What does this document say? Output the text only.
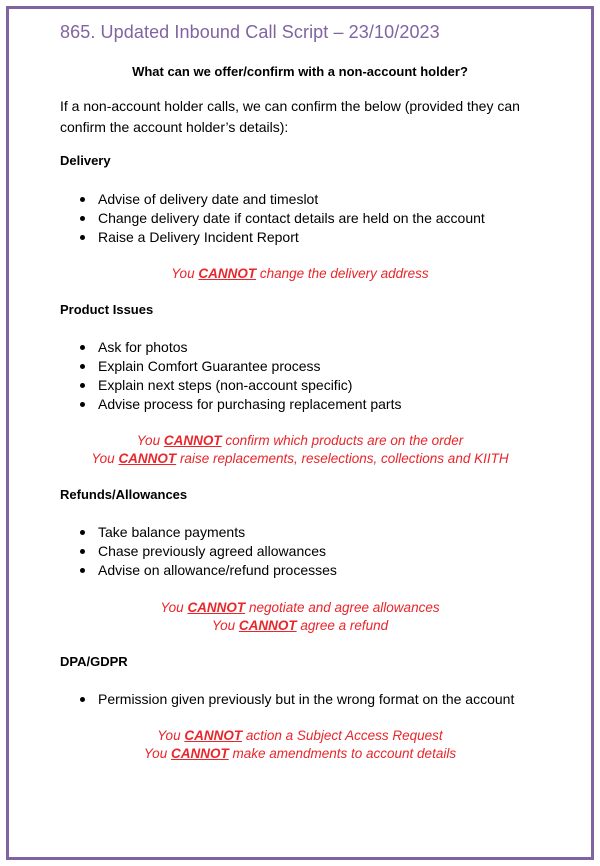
865. Updated Inbound Call Script – 23/10/2023
What can we offer/confirm with a non-account holder?
If a non-account holder calls, we can confirm the below (provided they can confirm the account holder’s details):
Delivery
Advise of delivery date and timeslot
Change delivery date if contact details are held on the account
Raise a Delivery Incident Report
You CANNOT change the delivery address
Product Issues
Ask for photos
Explain Comfort Guarantee process
Explain next steps (non-account specific)
Advise process for purchasing replacement parts
You CANNOT confirm which products are on the order
You CANNOT raise replacements, reselections, collections and KIITH
Refunds/Allowances
Take balance payments
Chase previously agreed allowances
Advise on allowance/refund processes
You CANNOT negotiate and agree allowances
You CANNOT agree a refund
DPA/GDPR
Permission given previously but in the wrong format on the account
You CANNOT action a Subject Access Request
You CANNOT make amendments to account details
